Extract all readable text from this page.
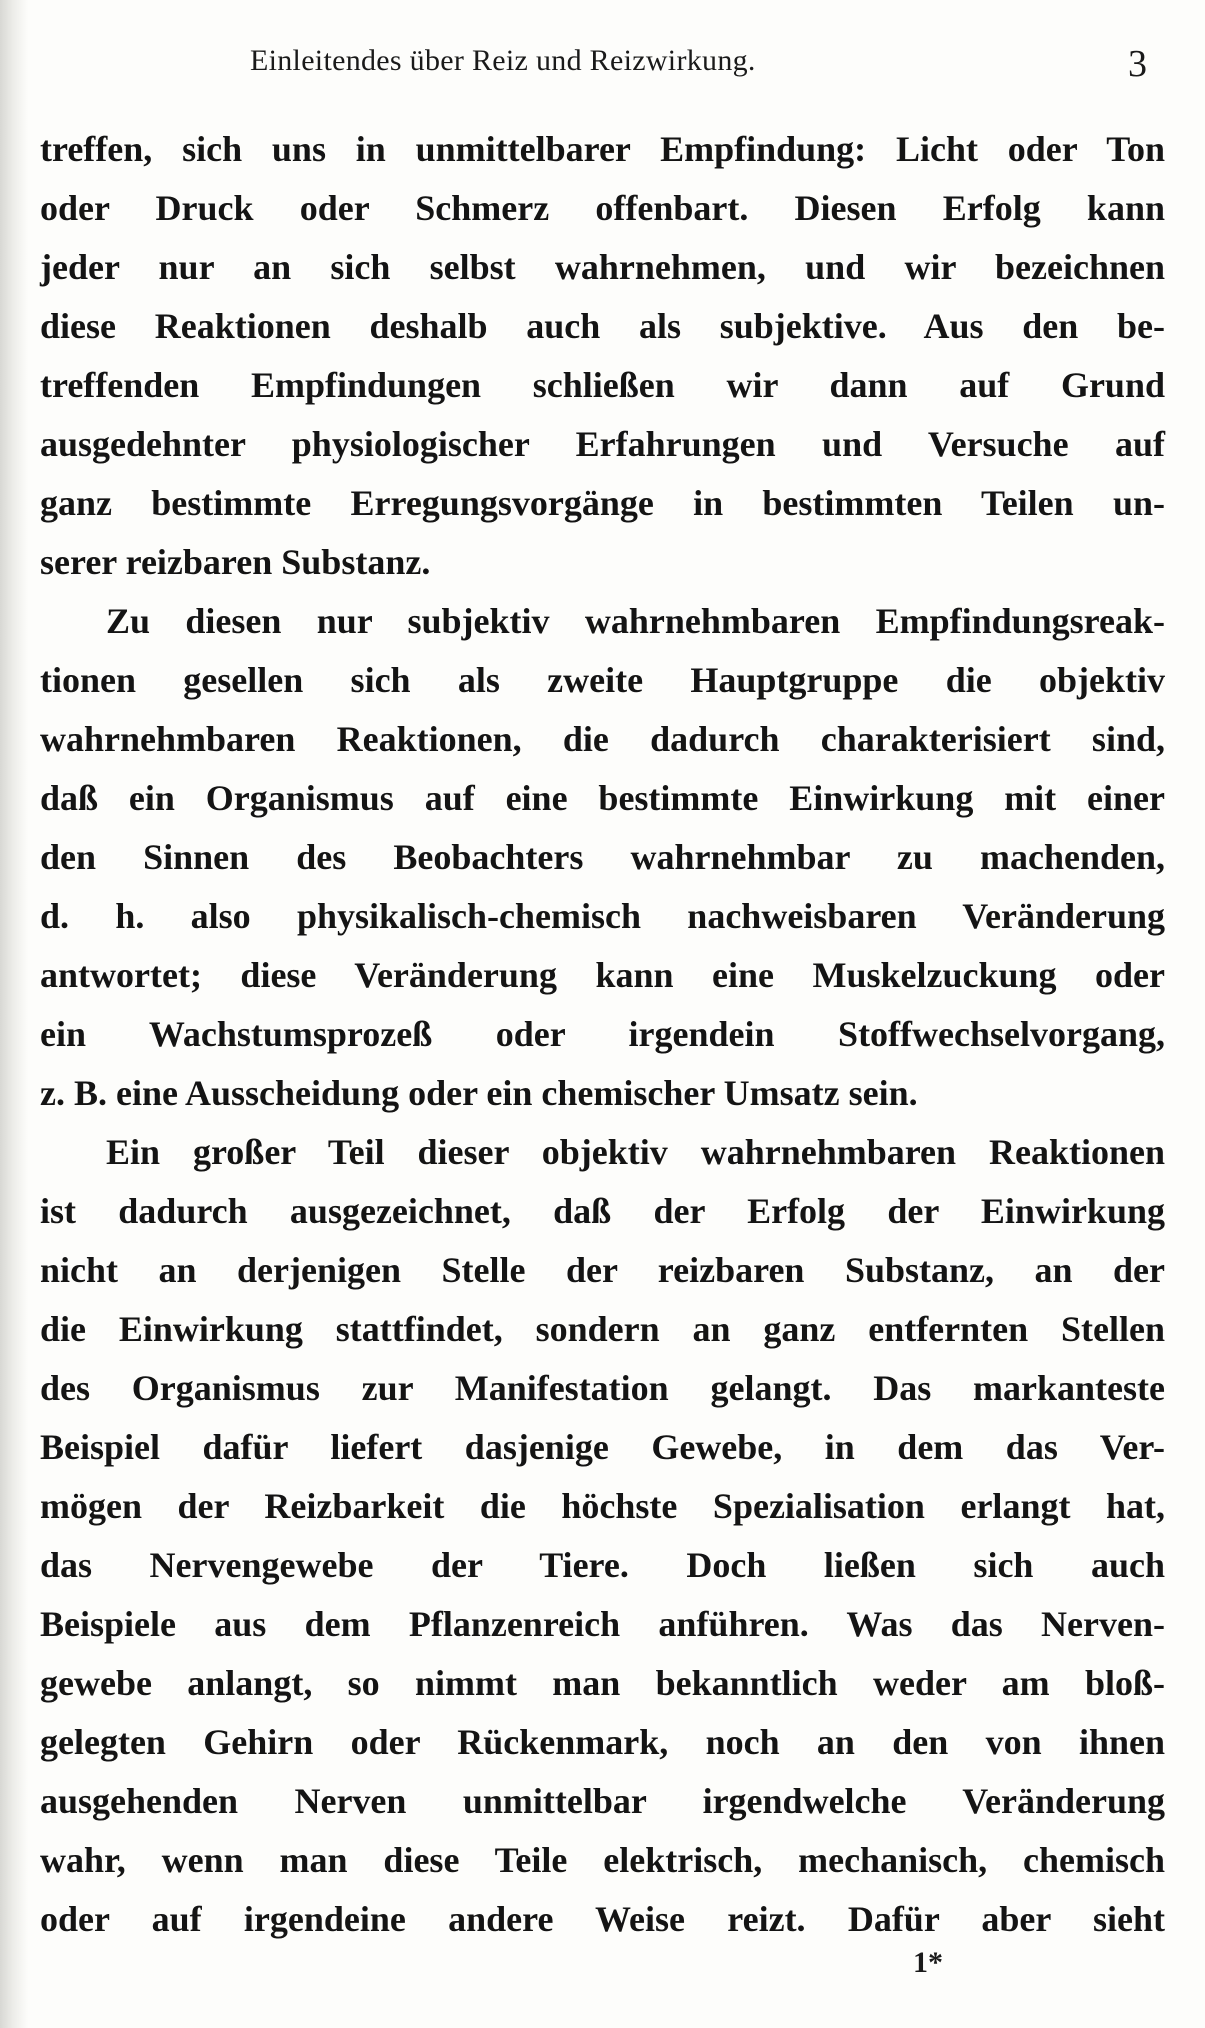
Einleitendes über Reiz und Reizwirkung.	3
treffen, sich uns in unmittelbarer Empfindung: Licht oder Ton
oder Druck oder Schmerz offenbart. Diesen Erfolg kann
jeder nur an sich selbst wahrnehmen, und wir bezeichnen
diese Reaktionen deshalb auch als subjektive. Aus den be-
treffenden Empfindungen schließen wir dann auf Grund
ausgedehnter physiologischer Erfahrungen und Versuche auf
ganz bestimmte Erregungsvorgänge in bestimmten Teilen un-
serer reizbaren Substanz.
Zu diesen nur subjektiv wahrnehmbaren Empfindungsreak-
tionen gesellen sich als zweite Hauptgruppe die objektiv
wahrnehmbaren Reaktionen, die dadurch charakterisiert sind,
daß ein Organismus auf eine bestimmte Einwirkung mit einer
den Sinnen des Beobachters wahrnehmbar zu machenden,
d. h. also physikalisch-chemisch nachweisbaren Veränderung
antwortet; diese Veränderung kann eine Muskelzuckung oder
ein Wachstumsprozeß oder irgendein Stoffwechselvorgang,
z. B. eine Ausscheidung oder ein chemischer Umsatz sein.
Ein großer Teil dieser objektiv wahrnehmbaren Reaktionen
ist dadurch ausgezeichnet, daß der Erfolg der Einwirkung
nicht an derjenigen Stelle der reizbaren Substanz, an der
die Einwirkung stattfindet, sondern an ganz entfernten Stellen
des Organismus zur Manifestation gelangt. Das markanteste
Beispiel dafür liefert dasjenige Gewebe, in dem das Ver-
mögen der Reizbarkeit die höchste Spezialisation erlangt hat,
das Nervengewebe der Tiere. Doch ließen sich auch
Beispiele aus dem Pflanzenreich anführen. Was das Nerven-
gewebe anlangt, so nimmt man bekanntlich weder am bloß-
gelegten Gehirn oder Rückenmark, noch an den von ihnen
ausgehenden Nerven unmittelbar irgendwelche Veränderung
wahr, wenn man diese Teile elektrisch, mechanisch, chemisch
oder auf irgendeine andere Weise reizt. Dafür aber sieht
1*
